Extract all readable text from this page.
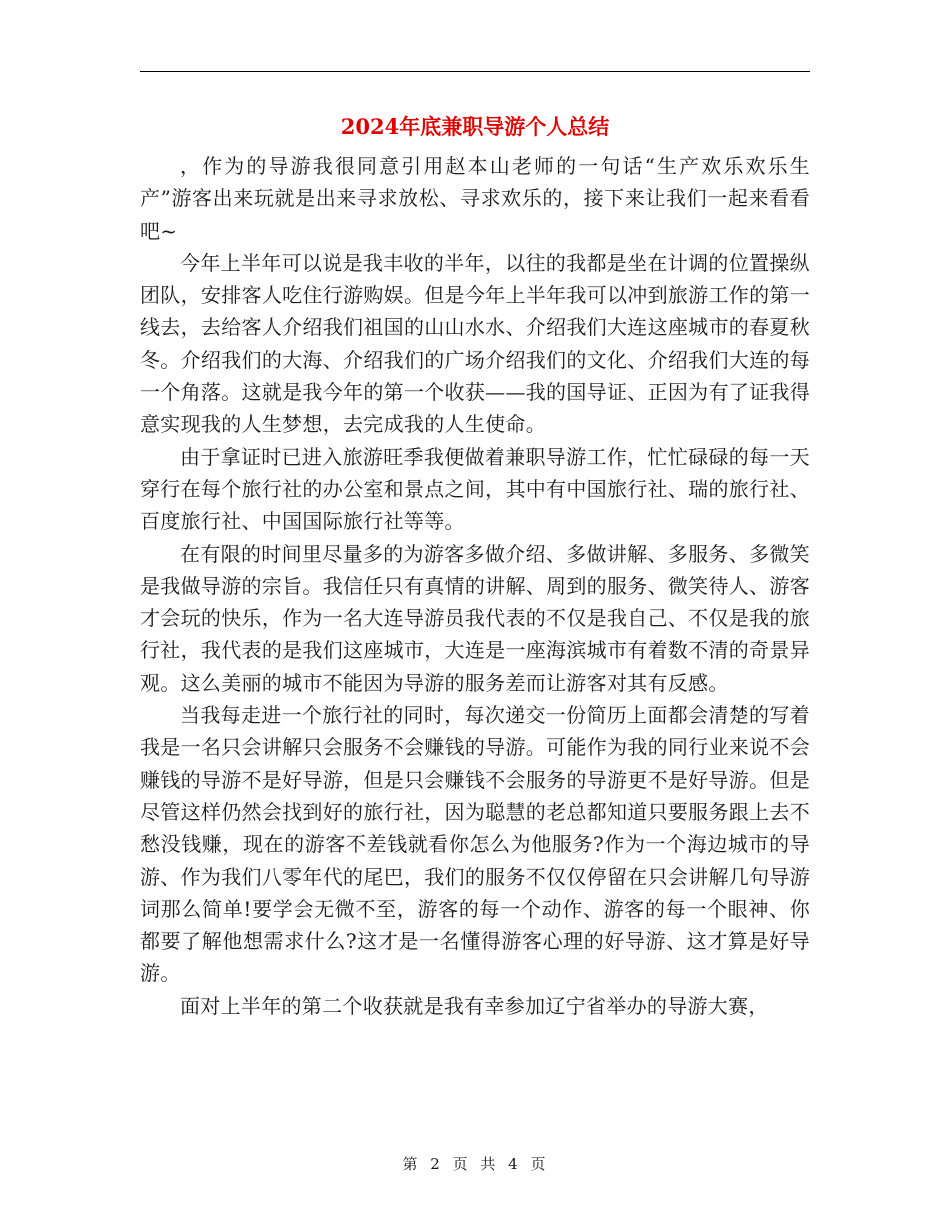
2024年底兼职导游个人总结

，作为的导游我很同意引用赵本山老师的一句话“生产欢乐欢乐生产”游客出来玩就是出来寻求放松、寻求欢乐的，接下来让我们一起来看看吧~

今年上半年可以说是我丰收的半年，以往的我都是坐在计调的位置操纵团队，安排客人吃住行游购娱。但是今年上半年我可以冲到旅游工作的第一线去，去给客人介绍我们祖国的山山水水、介绍我们大连这座城市的春夏秋冬。介绍我们的大海、介绍我们的广场介绍我们的文化、介绍我们大连的每一个角落。这就是我今年的第一个收获——我的国导证、正因为有了证我得意实现我的人生梦想，去完成我的人生使命。

由于拿证时已进入旅游旺季我便做着兼职导游工作，忙忙碌碌的每一天穿行在每个旅行社的办公室和景点之间，其中有中国旅行社、瑞的旅行社、百度旅行社、中国国际旅行社等等。

在有限的时间里尽量多的为游客多做介绍、多做讲解、多服务、多微笑是我做导游的宗旨。我信任只有真情的讲解、周到的服务、微笑待人、游客才会玩的快乐，作为一名大连导游员我代表的不仅是我自己、不仅是我的旅行社，我代表的是我们这座城市，大连是一座海滨城市有着数不清的奇景异观。这么美丽的城市不能因为导游的服务差而让游客对其有反感。

当我每走进一个旅行社的同时，每次递交一份简历上面都会清楚的写着我是一名只会讲解只会服务不会赚钱的导游。可能作为我的同行业来说不会赚钱的导游不是好导游，但是只会赚钱不会服务的导游更不是好导游。但是尽管这样仍然会找到好的旅行社，因为聪慧的老总都知道只要服务跟上去不愁没钱赚，现在的游客不差钱就看你怎么为他服务?作为一个海边城市的导游、作为我们八零年代的尾巴，我们的服务不仅仅停留在只会讲解几句导游词那么简单!要学会无微不至，游客的每一个动作、游客的每一个眼神、你都要了解他想需求什么?这才是一名懂得游客心理的好导游、这才算是好导游。

面对上半年的第二个收获就是我有幸参加辽宁省举办的导游大赛，

第 2 页 共 4 页
